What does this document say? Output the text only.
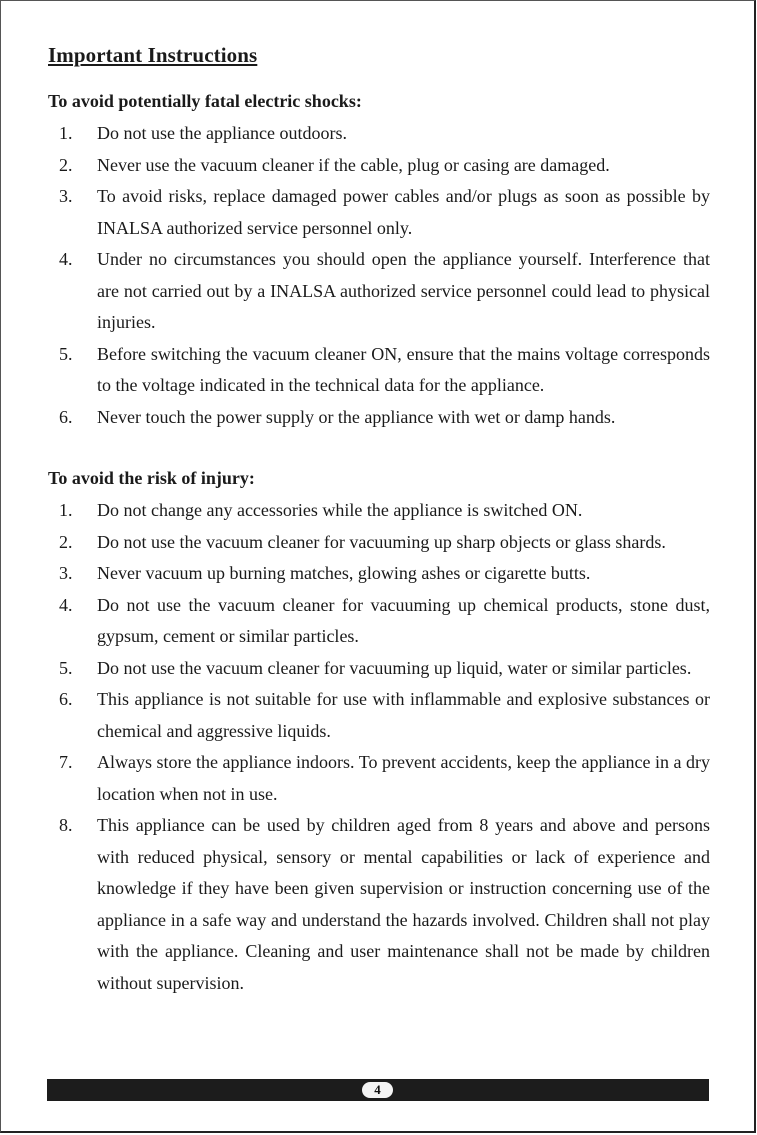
Important Instructions
To avoid potentially fatal electric shocks:
1. Do not use the appliance outdoors.
2. Never use the vacuum cleaner if the cable, plug or casing are damaged.
3. To avoid risks, replace damaged power cables and/or plugs as soon as possible by INALSA authorized service personnel only.
4. Under no circumstances you should open the appliance yourself. Interference that are not carried out by a INALSA authorized service personnel could lead to physical injuries.
5. Before switching the vacuum cleaner ON, ensure that the mains voltage corresponds to the voltage indicated in the technical data for the appliance.
6. Never touch the power supply or the appliance with wet or damp hands.
To avoid the risk of injury:
1. Do not change any accessories while the appliance is switched ON.
2. Do not use the vacuum cleaner for vacuuming up sharp objects or glass shards.
3. Never vacuum up burning matches, glowing ashes or cigarette butts.
4. Do not use the vacuum cleaner for vacuuming up chemical products, stone dust, gypsum, cement or similar particles.
5. Do not use the vacuum cleaner for vacuuming up liquid, water or similar particles.
6. This appliance is not suitable for use with inflammable and explosive substances or chemical and aggressive liquids.
7. Always store the appliance indoors. To prevent accidents, keep the appliance in a dry location when not in use.
8. This appliance can be used by children aged from 8 years and above and persons with reduced physical, sensory or mental capabilities or lack of experience and knowledge if they have been given supervision or instruction concerning use of the appliance in a safe way and understand the hazards involved. Children shall not play with the appliance. Cleaning and user maintenance shall not be made by children without supervision.
4
